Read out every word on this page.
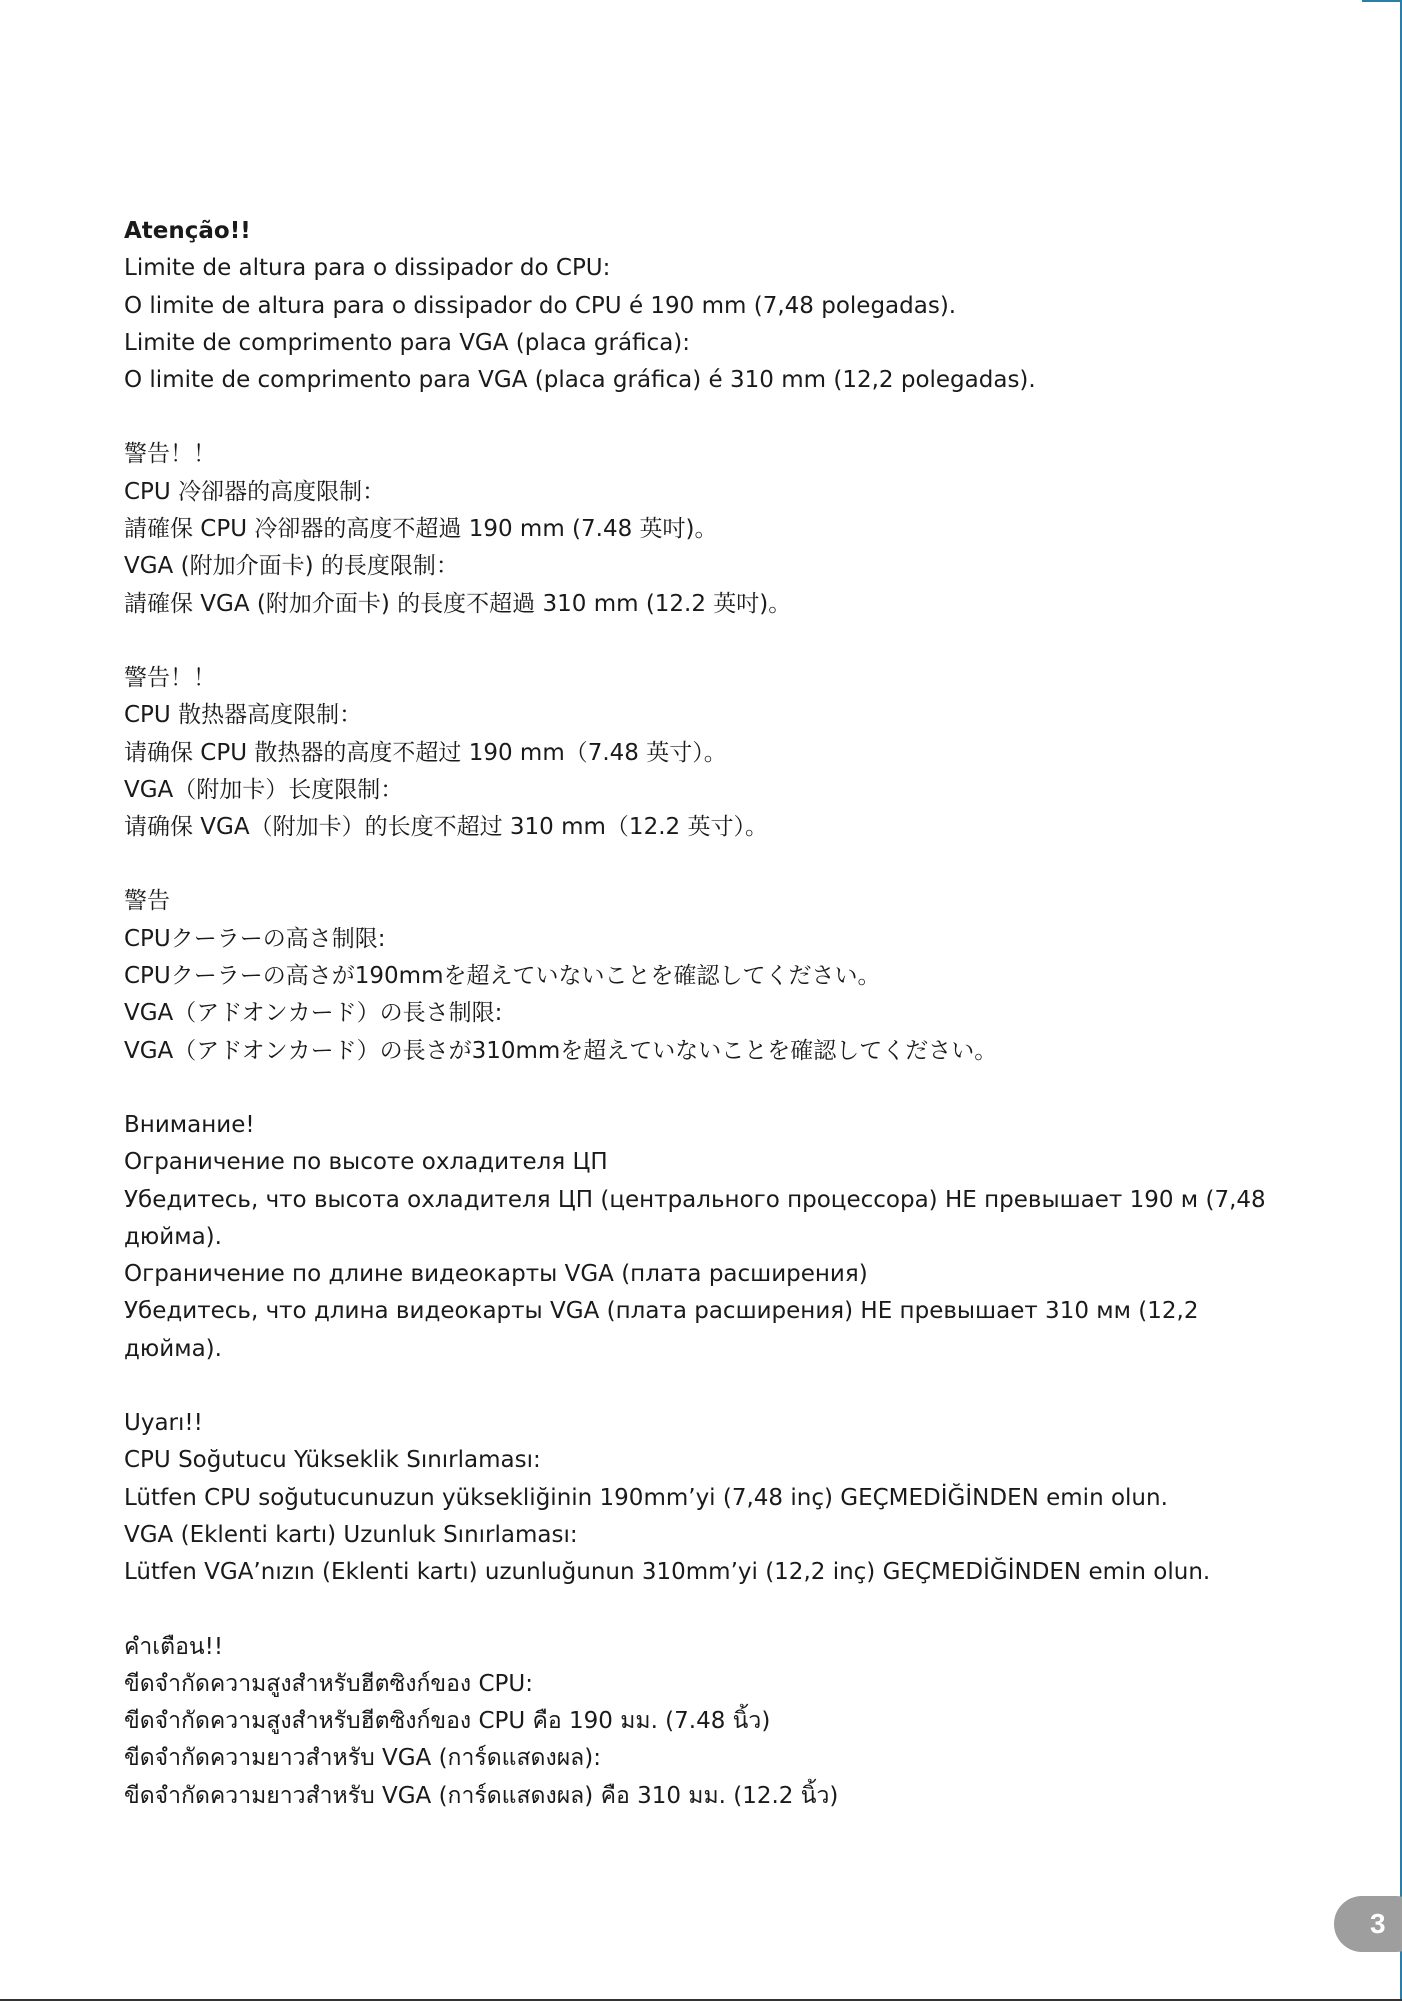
Atenção!!

Limite de altura para o dissipador do CPU:

O limite de altura para o dissipador do CPU é 190 mm (7,48 polegadas).

Limite de comprimento para VGA (placa gráfica):

O limite de comprimento para VGA (placa gráfica) é 310 mm (12,2 polegadas).

警告！！

CPU 冷卻器的高度限制：

請確保 CPU 冷卻器的高度不超過 190 mm (7.48 英吋)。

VGA (附加介面卡) 的長度限制：

請確保 VGA (附加介面卡) 的長度不超過 310 mm (12.2 英吋)。

警告！！

CPU 散热器高度限制：

请确保 CPU 散热器的高度不超过 190 mm（7.48 英寸）。

VGA（附加卡）长度限制：

请确保 VGA（附加卡）的长度不超过 310 mm（12.2 英寸）。

警告

CPUクーラーの高さ制限:

CPUクーラーの高さが190mmを超えていないことを確認してください。

VGA（アドオンカード）の長さ制限:

VGA（アドオンカード）の長さが310mmを超えていないことを確認してください。

Внимание!

Ограничение по высоте охладителя ЦП

Убедитесь, что высота охладителя ЦП (центрального процессора) НЕ превышает 190 м (7,48 дюйма).

Ограничение по длине видеокарты VGA (плата расширения)

Убедитесь, что длина видеокарты VGA (плата расширения) НЕ превышает 310 мм (12,2 дюйма).

Uyarı!!

CPU Soğutucu Yükseklik Sınırlaması:

Lütfen CPU soğutucunuzun yüksekliğinin 190mm’yi (7,48 inç) GEÇMEDİĞİNDEN emin olun.

VGA (Eklenti kartı) Uzunluk Sınırlaması:

Lütfen VGA’nızın (Eklenti kartı) uzunluğunun 310mm’yi (12,2 inç) GEÇMEDİĞİNDEN emin olun.

คำเตือน!!

ขีดจำกัดความสูงสำหรับฮีตซิงก์ของ CPU:

ขีดจำกัดความสูงสำหรับฮีตซิงก์ของ CPU คือ 190 มม. (7.48 นิ้ว)

ขีดจำกัดความยาวสำหรับ VGA (การ์ดแสดงผล):

ขีดจำกัดความยาวสำหรับ VGA (การ์ดแสดงผล) คือ 310 มม. (12.2 นิ้ว)

3
